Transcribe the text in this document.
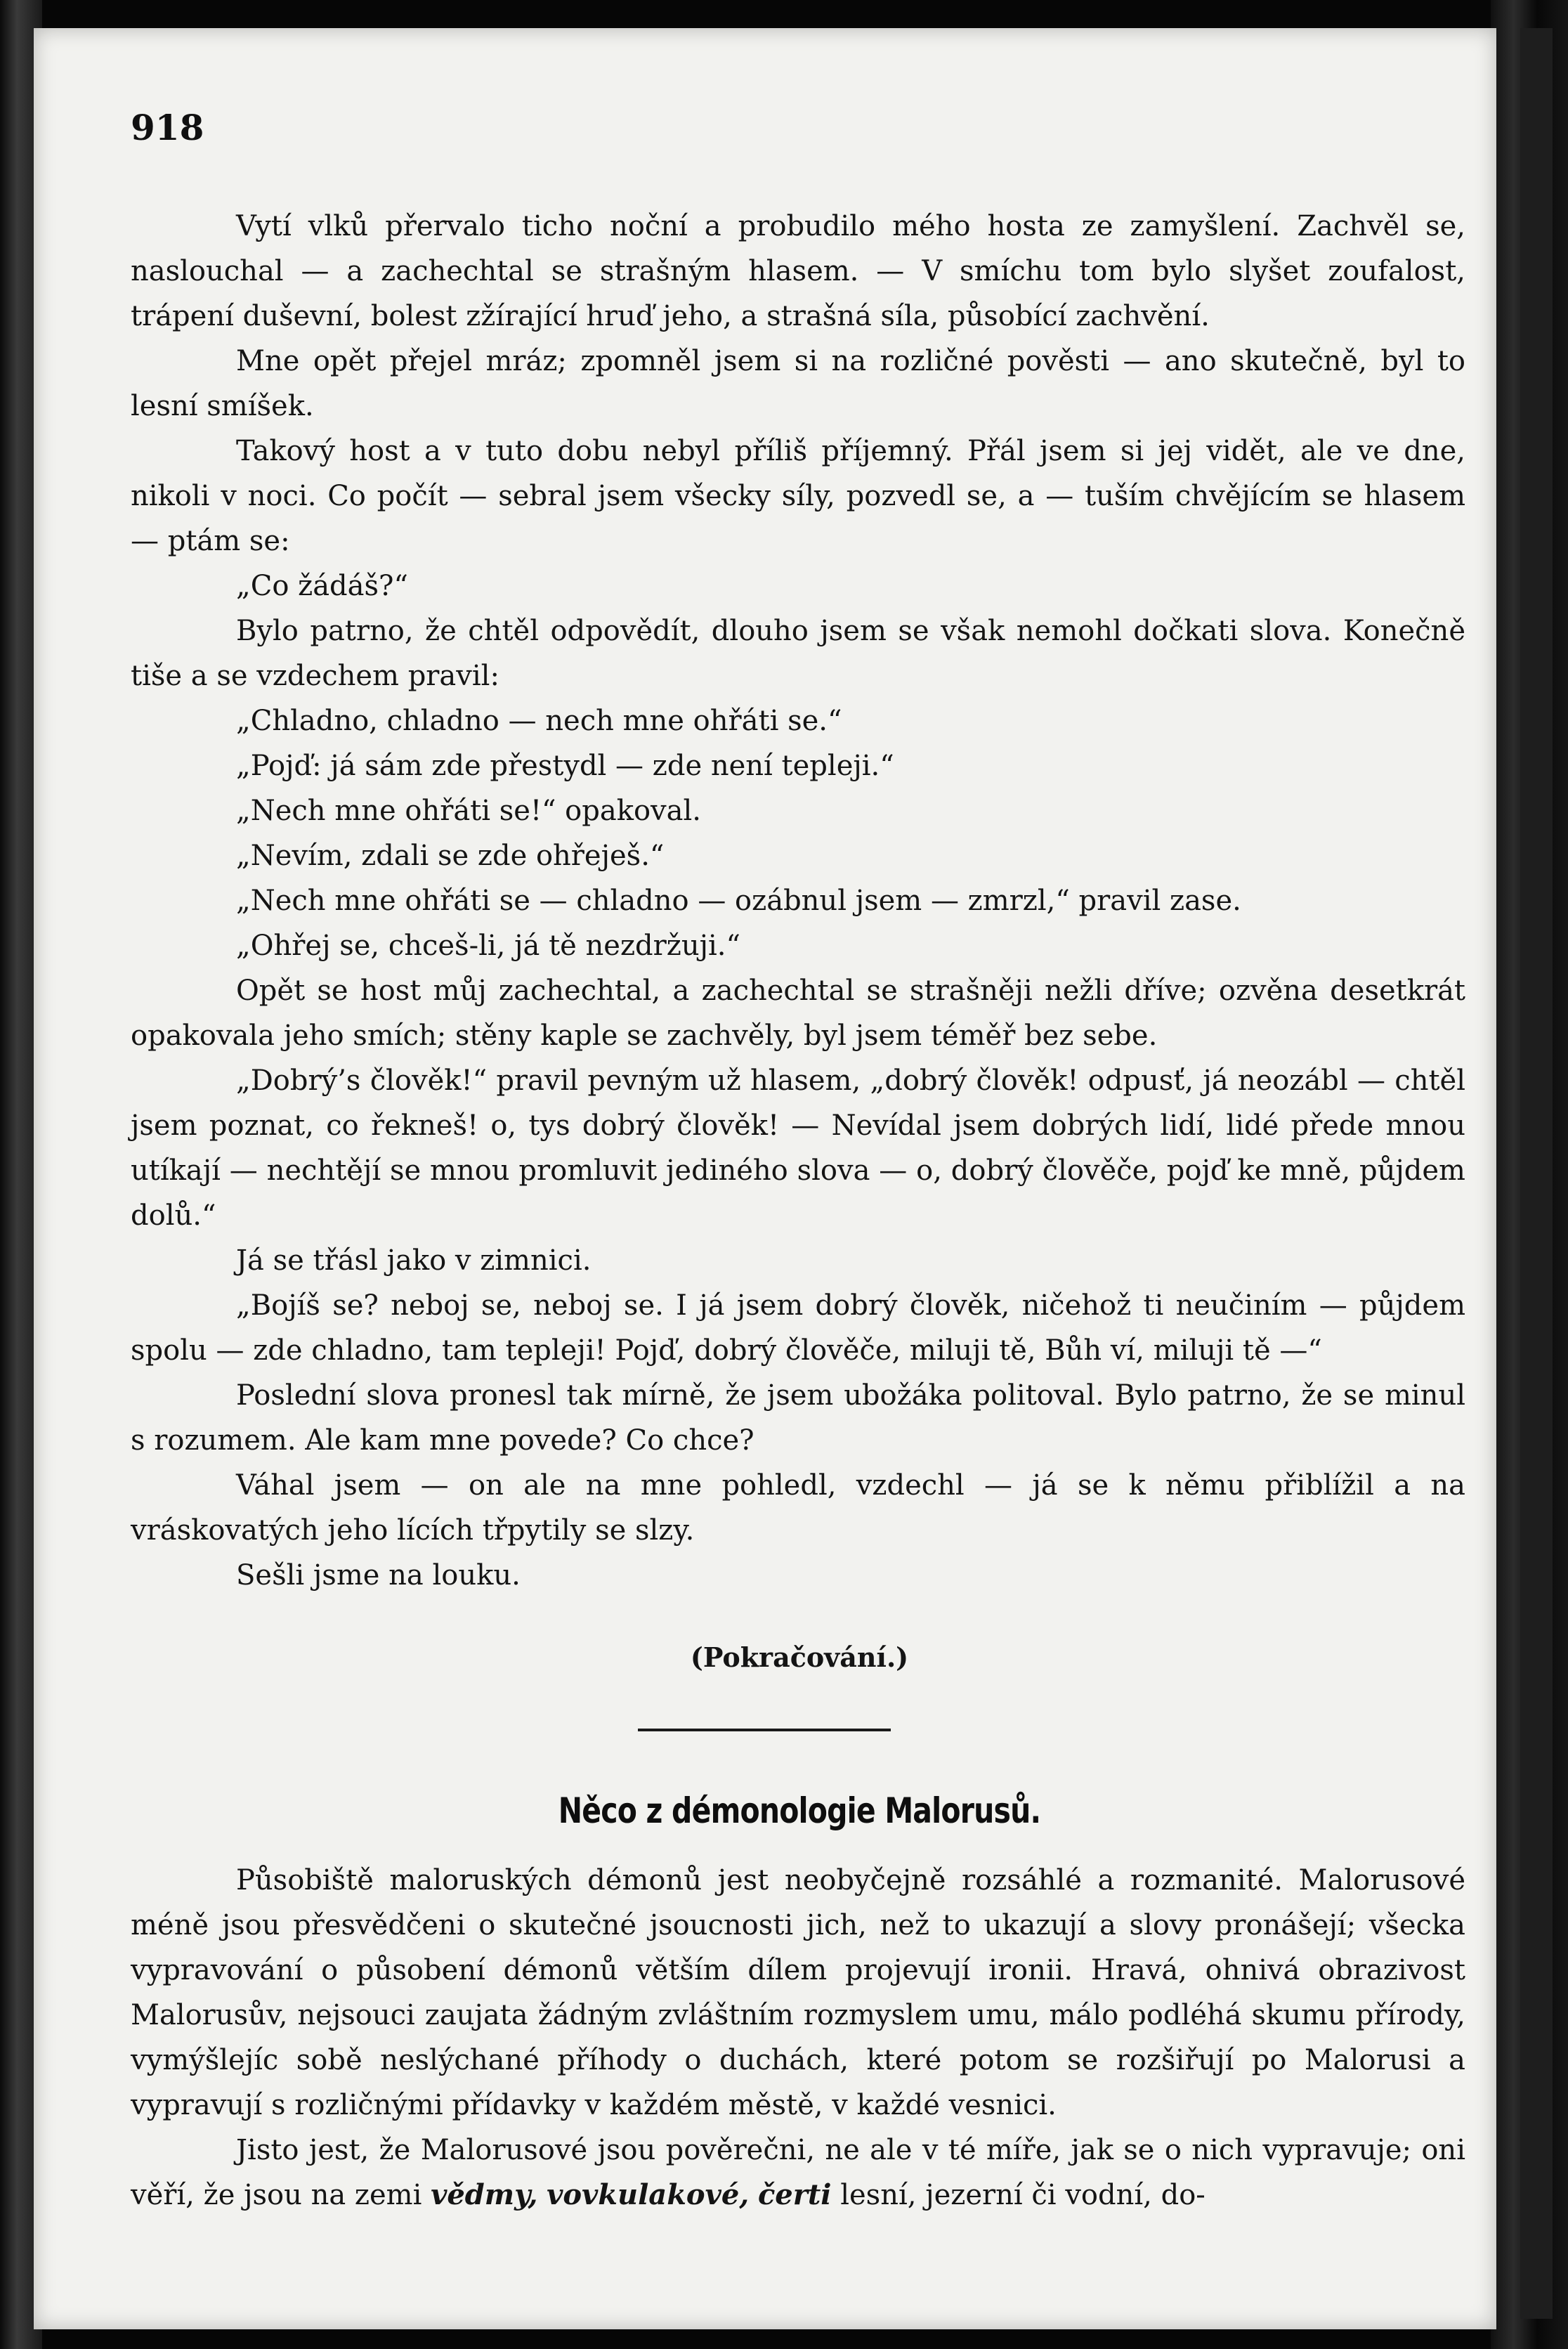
918

Vytí vlků přervalo ticho noční a probudilo mého hosta ze zamyšlení. Zachvěl se, naslouchal — a zachechtal se strašným hlasem. — V smíchu tom bylo slyšet zoufalost, trápení duševní, bolest zžírající hruď jeho, a strašná síla, působící zachvění.

Mne opět přejel mráz; zpomněl jsem si na rozličné pověsti — ano skutečně, byl to lesní smíšek.

Takový host a v tuto dobu nebyl příliš příjemný. Přál jsem si jej vidět, ale ve dne, nikoli v noci. Co počít — sebral jsem všecky síly, pozvedl se, a — tuším chvějícím se hlasem — ptám se:

„Co žádáš?“

Bylo patrno, že chtěl odpovědít, dlouho jsem se však nemohl dočkati slova. Konečně tiše a se vzdechem pravil:

„Chladno, chladno — nech mne ohřáti se.“

„Pojď: já sám zde přestydl — zde není tepleji.“

„Nech mne ohřáti se!“ opakoval.

„Nevím, zdali se zde ohřeješ.“

„Nech mne ohřáti se — chladno — ozábnul jsem — zmrzl,“ pravil zase.

„Ohřej se, chceš-li, já tě nezdržuji.“

Opět se host můj zachechtal, a zachechtal se strašněji nežli dříve; ozvěna desetkrát opakovala jeho smích; stěny kaple se zachvěly, byl jsem téměř bez sebe.

„Dobrý’s člověk!“ pravil pevným už hlasem, „dobrý člověk! odpusť, já neozábl — chtěl jsem poznat, co řekneš! o, tys dobrý člověk! — Nevídal jsem dobrých lidí, lidé přede mnou utíkají — nechtějí se mnou promluvit jediného slova — o, dobrý člověče, pojď ke mně, půjdem dolů.“

Já se třásl jako v zimnici.

„Bojíš se? neboj se, neboj se. I já jsem dobrý člověk, ničehož ti neučiním — půjdem spolu — zde chladno, tam tepleji! Pojď, dobrý člověče, miluji tě, Bůh ví, miluji tě —“

Poslední slova pronesl tak mírně, že jsem ubožáka politoval. Bylo patrno, že se minul s rozumem. Ale kam mne povede? Co chce?

Váhal jsem — on ale na mne pohledl, vzdechl — já se k němu přiblížil a na vráskovatých jeho lících třpytily se slzy.

Sešli jsme na louku.

(Pokračování.)
Něco z démonologie Malorusů.

Působiště maloruských démonů jest neobyčejně rozsáhlé a rozmanité. Malorusové méně jsou přesvědčeni o skutečné jsoucnosti jich, než to ukazují a slovy pronášejí; všecka vypravování o působení démonů větším dílem projevují ironii. Hravá, ohnivá obrazivost Malorusův, nejsouci zaujata žádným zvláštním rozmyslem umu, málo podléhá skumu přírody, vymýšlejíc sobě neslýchané příhody o duchách, které potom se rozšiřují po Malorusi a vypravují s rozličnými přídavky v každém městě, v každé vesnici.

Jisto jest, že Malorusové jsou pověrečni, ne ale v té míře, jak se o nich vypravuje; oni věří, že jsou na zemi vědmy, vovkulakové, čerti lesní, jezerní či vodní, do-
